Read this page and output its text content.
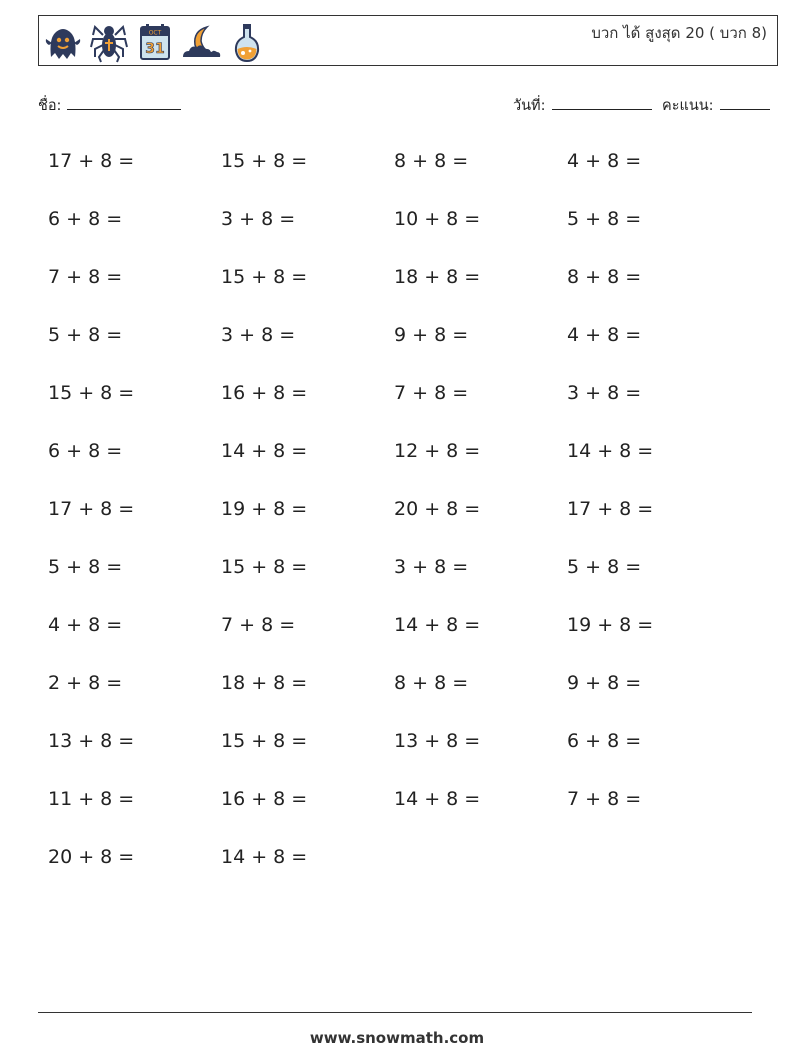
OCT
31
บวก ได้ สูงสุด 20 ( บวก 8)
ชื่อ:	วันที่:	คะแนน:
17 + 8 =	15 + 8 =	8 + 8 =	4 + 8 =
6 + 8 =	3 + 8 =	10 + 8 =	5 + 8 =
7 + 8 =	15 + 8 =	18 + 8 =	8 + 8 =
5 + 8 =	3 + 8 =	9 + 8 =	4 + 8 =
15 + 8 =	16 + 8 =	7 + 8 =	3 + 8 =
6 + 8 =	14 + 8 =	12 + 8 =	14 + 8 =
17 + 8 =	19 + 8 =	20 + 8 =	17 + 8 =
5 + 8 =	15 + 8 =	3 + 8 =	5 + 8 =
4 + 8 =	7 + 8 =	14 + 8 =	19 + 8 =
2 + 8 =	18 + 8 =	8 + 8 =	9 + 8 =
13 + 8 =	15 + 8 =	13 + 8 =	6 + 8 =
11 + 8 =	16 + 8 =	14 + 8 =	7 + 8 =
20 + 8 =	14 + 8 =
www.snowmath.com
